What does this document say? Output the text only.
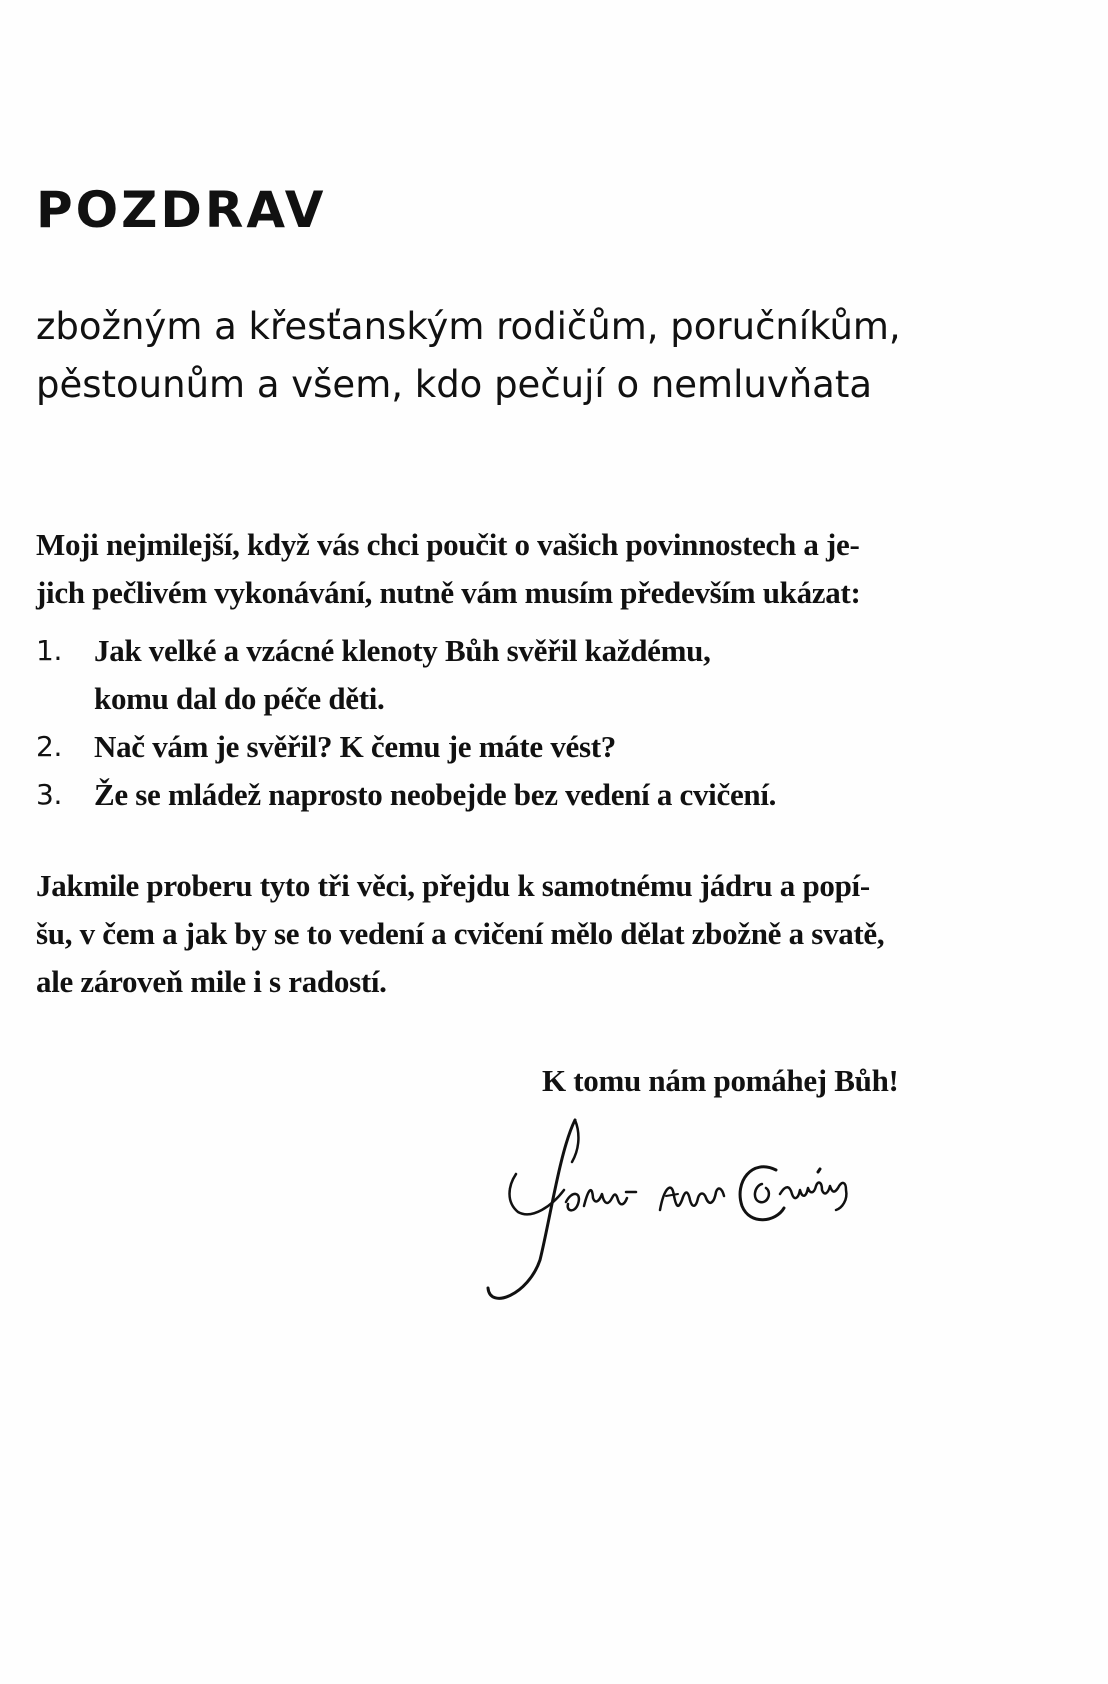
POZDRAV
zbožným a křesťanským rodičům, poručníkům,
pěstounům a všem, kdo pečují o nemluvňata

Moji nejmilejší, když vás chci poučit o vašich povinnostech a je-
jich pečlivém vykonávání, nutně vám musím především ukázat:

1. Jak velké a vzácné klenoty Bůh svěřil každému,
komu dal do péče děti.
2. Nač vám je svěřil? K čemu je máte vést?
3. Že se mládež naprosto neobejde bez vedení a cvičení.

Jakmile proberu tyto tři věci, přejdu k samotnému jádru a popí-
šu, v čem a jak by se to vedení a cvičení mělo dělat zbožně a svatě,
ale zároveň mile i s radostí.

K tomu nám pomáhej Bůh!
